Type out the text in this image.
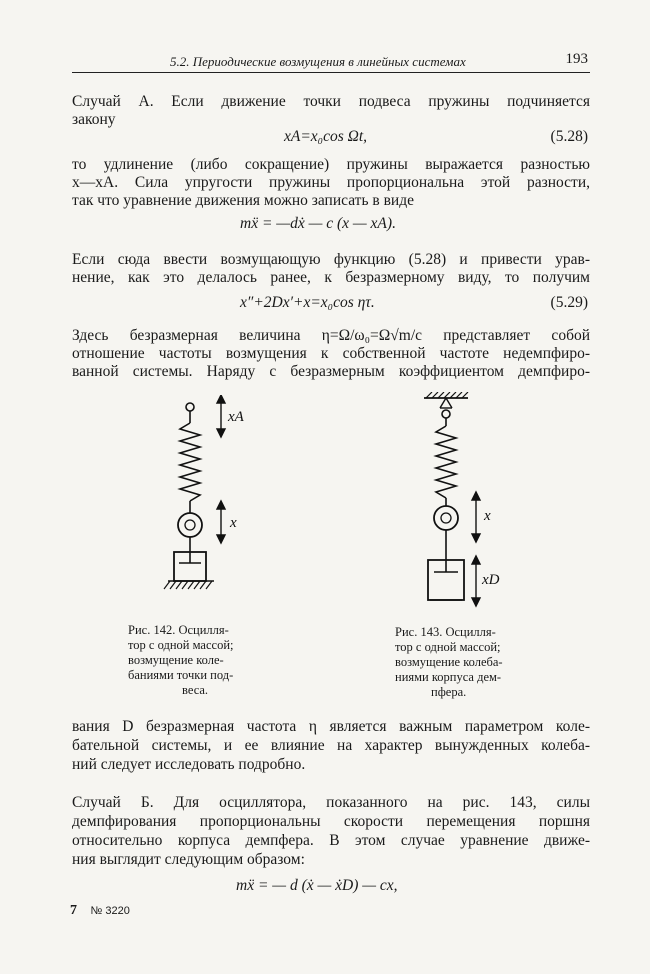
5.2. Периодические возмущения в линейных системах	193
Случай А. Если движение точки подвеса пружины подчиняется
закону
xA=x₀cos Ωt,	(5.28)
то удлинение (либо сокращение) пружины выражается разностью
x—xA. Сила упругости пружины пропорциональна этой разности,
так что уравнение движения можно записать в виде
mẍ = —dẋ — c (x — xA).
Если сюда ввести возмущающую функцию (5.28) и привести урав-
нение, как это делалось ранее, к безразмерному виду, то получим
x″+2Dx′+x=x₀cos ητ.	(5.29)
Здесь безразмерная величина η=Ω/ω₀=Ω√m/c представляет собой
отношение частоты возмущения к собственной частоте недемпфиро-
ванной системы. Наряду с безразмерным коэффициентом демпфиро-
xA
x
Рис. 142. Осцилля-
тор с одной массой;
возмущение коле-
баниями точки под-
веса.
x
xD
Рис. 143. Осцилля-
тор с одной массой;
возмущение колеба-
ниями корпуса дем-
пфера.
вания D безразмерная частота η является важным параметром коле-
бательной системы, и ее влияние на характер вынужденных колеба-
ний следует исследовать подробно.
Случай Б. Для осциллятора, показанного на рис. 143, силы
демпфирования пропорциональны скорости перемещения поршня
относительно корпуса демпфера. В этом случае уравнение движе-
ния выглядит следующим образом:
mẍ = — d (ẋ — ẋD) — cx,
7 № 3220
